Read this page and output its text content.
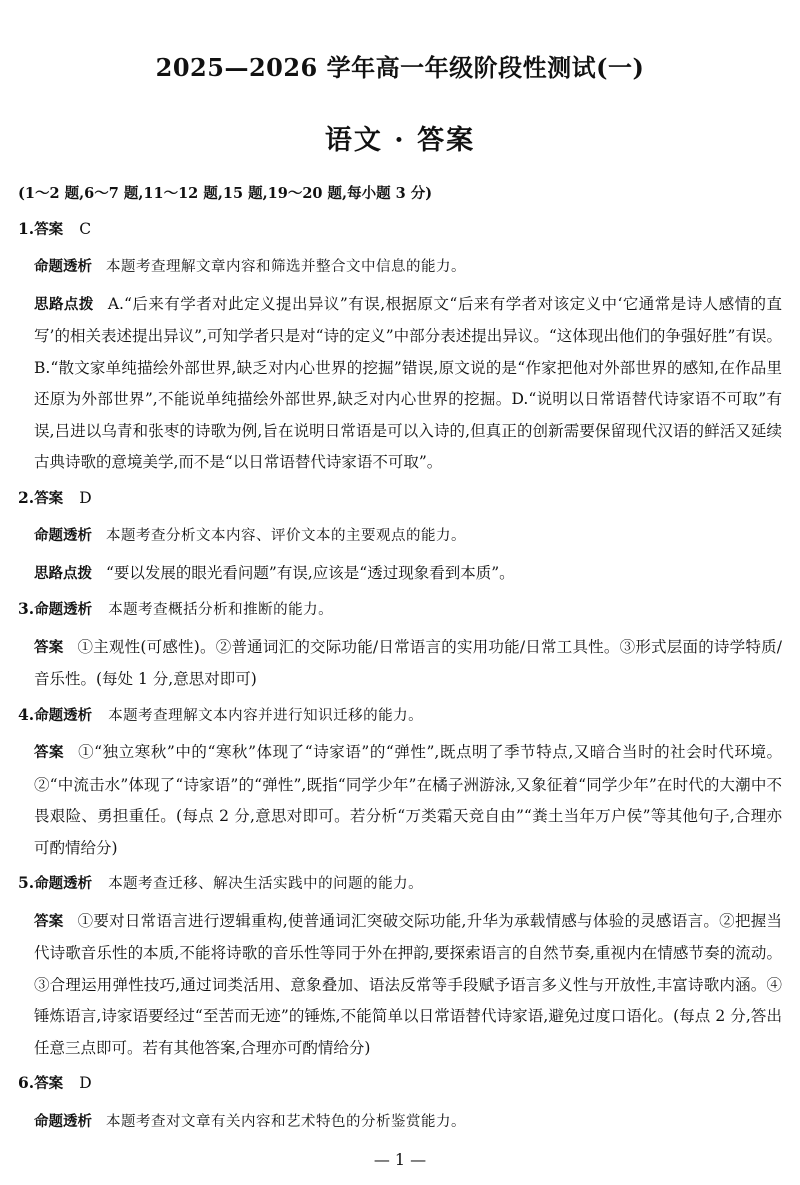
2025—2026 学年高一年级阶段性测试(一)
语文 · 答案
(1～2 题,6～7 题,11～12 题,15 题,19～20 题,每小题 3 分)
1.答案 C
命题透析 本题考查理解文章内容和筛选并整合文中信息的能力。
思路点拨 A.“后来有学者对此定义提出异议”有误,根据原文“后来有学者对该定义中‘它通常是诗人感情的直写’的相关表述提出异议”,可知学者只是对“诗的定义”中部分表述提出异议。“这体现出他们的争强好胜”有误。B.“散文家单纯描绘外部世界,缺乏对内心世界的挖掘”错误,原文说的是“作家把他对外部世界的感知,在作品里还原为外部世界”,不能说单纯描绘外部世界,缺乏对内心世界的挖掘。D.“说明以日常语替代诗家语不可取”有误,吕进以乌青和张枣的诗歌为例,旨在说明日常语是可以入诗的,但真正的创新需要保留现代汉语的鲜活又延续古典诗歌的意境美学,而不是“以日常语替代诗家语不可取”。
2.答案 D
命题透析 本题考查分析文本内容、评价文本的主要观点的能力。
思路点拨 “要以发展的眼光看问题”有误,应该是“透过现象看到本质”。
3.命题透析 本题考查概括分析和推断的能力。
答案 ①主观性(可感性)。②普通词汇的交际功能/日常语言的实用功能/日常工具性。③形式层面的诗学特质/音乐性。(每处 1 分,意思对即可)
4.命题透析 本题考查理解文本内容并进行知识迁移的能力。
答案 ①“独立寒秋”中的“寒秋”体现了“诗家语”的“弹性”,既点明了季节特点,又暗合当时的社会时代环境。②“中流击水”体现了“诗家语”的“弹性”,既指“同学少年”在橘子洲游泳,又象征着“同学少年”在时代的大潮中不畏艰险、勇担重任。(每点 2 分,意思对即可。若分析“万类霜天竞自由”“粪土当年万户侯”等其他句子,合理亦可酌情给分)
5.命题透析 本题考查迁移、解决生活实践中的问题的能力。
答案 ①要对日常语言进行逻辑重构,使普通词汇突破交际功能,升华为承载情感与体验的灵感语言。②把握当代诗歌音乐性的本质,不能将诗歌的音乐性等同于外在押韵,要探索语言的自然节奏,重视内在情感节奏的流动。③合理运用弹性技巧,通过词类活用、意象叠加、语法反常等手段赋予语言多义性与开放性,丰富诗歌内涵。④锤炼语言,诗家语要经过“至苦而无迹”的锤炼,不能简单以日常语替代诗家语,避免过度口语化。(每点 2 分,答出任意三点即可。若有其他答案,合理亦可酌情给分)
6.答案 D
命题透析 本题考查对文章有关内容和艺术特色的分析鉴赏能力。
— 1 —
